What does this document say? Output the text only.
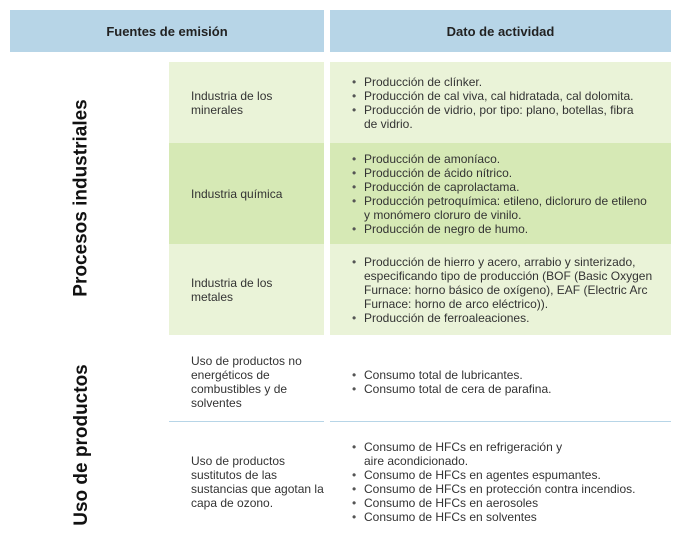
Fuentes de emisión	Dato de actividad
Procesos industriales
Uso de productos
Industria de los minerales
• Producción de clínker.
• Producción de cal viva, cal hidratada, cal dolomita.
• Producción de vidrio, por tipo: plano, botellas, fibra de vidrio.
Industria química
• Producción de amoníaco.
• Producción de ácido nítrico.
• Producción de caprolactama.
• Producción petroquímica: etileno, dicloruro de etileno y monómero cloruro de vinilo.
• Producción de negro de humo.
Industria de los metales
• Producción de hierro y acero, arrabio y sinterizado, especificando tipo de producción (BOF (Basic Oxygen Furnace: horno básico de oxígeno), EAF (Electric Arc Furnace: horno de arco eléctrico)).
• Producción de ferroaleaciones.
Uso de productos no energéticos de combustibles y de solventes
• Consumo total de lubricantes.
• Consumo total de cera de parafina.
Uso de productos sustitutos de las sustancias que agotan la capa de ozono.
• Consumo de HFCs en refrigeración y aire acondicionado.
• Consumo de HFCs en agentes espumantes.
• Consumo de HFCs en protección contra incendios.
• Consumo de HFCs en aerosoles
• Consumo de HFCs en solventes
